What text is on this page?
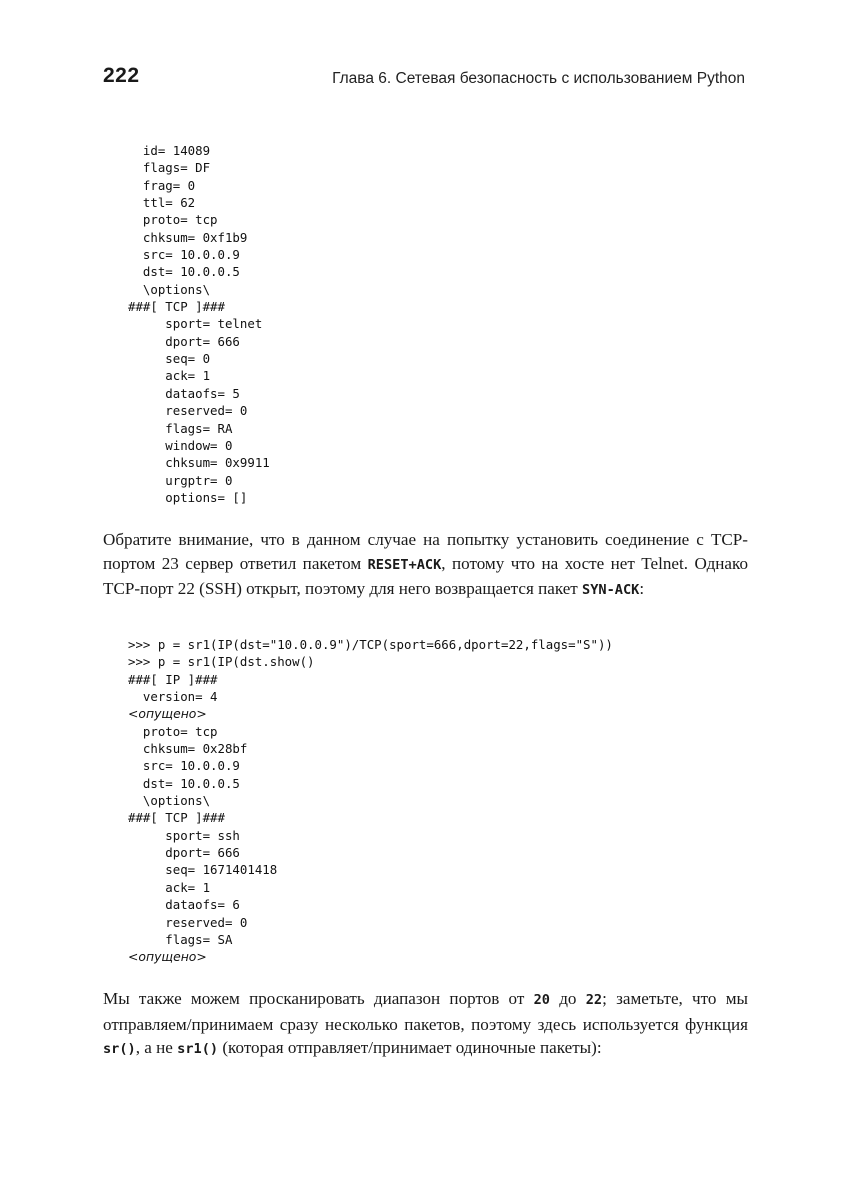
222	Глава 6. Сетевая безопасность с использованием Python
id= 14089
flags= DF
frag= 0
ttl= 62
proto= tcp
chksum= 0xf1b9
src= 10.0.0.9
dst= 10.0.0.5
\options\
###[ TCP ]###
sport= telnet
dport= 666
seq= 0
ack= 1
dataofs= 5
reserved= 0
flags= RA
window= 0
chksum= 0x9911
urgptr= 0
options= []

Обратите внимание, что в данном случае на попытку установить соединение с TCP-портом 23 сервер ответил пакетом RESET+ACK, потому что на хосте нет Telnet. Однако TCP-порт 22 (SSH) открыт, поэтому для него возвращается пакет SYN-ACK:

>>> p = sr1(IP(dst="10.0.0.9")/TCP(sport=666,dport=22,flags="S"))
>>> p = sr1(IP(dst.show()
###[ IP ]###
version= 4
<опущено>
proto= tcp
chksum= 0x28bf
src= 10.0.0.9
dst= 10.0.0.5
\options\
###[ TCP ]###
sport= ssh
dport= 666
seq= 1671401418
ack= 1
dataofs= 6
reserved= 0
flags= SA
<опущено>

Мы также можем просканировать диапазон портов от 20 до 22; заметьте, что мы отправляем/принимаем сразу несколько пакетов, поэтому здесь используется функция sr(), а не sr1() (которая отправляет/принимает одиночные пакеты):
